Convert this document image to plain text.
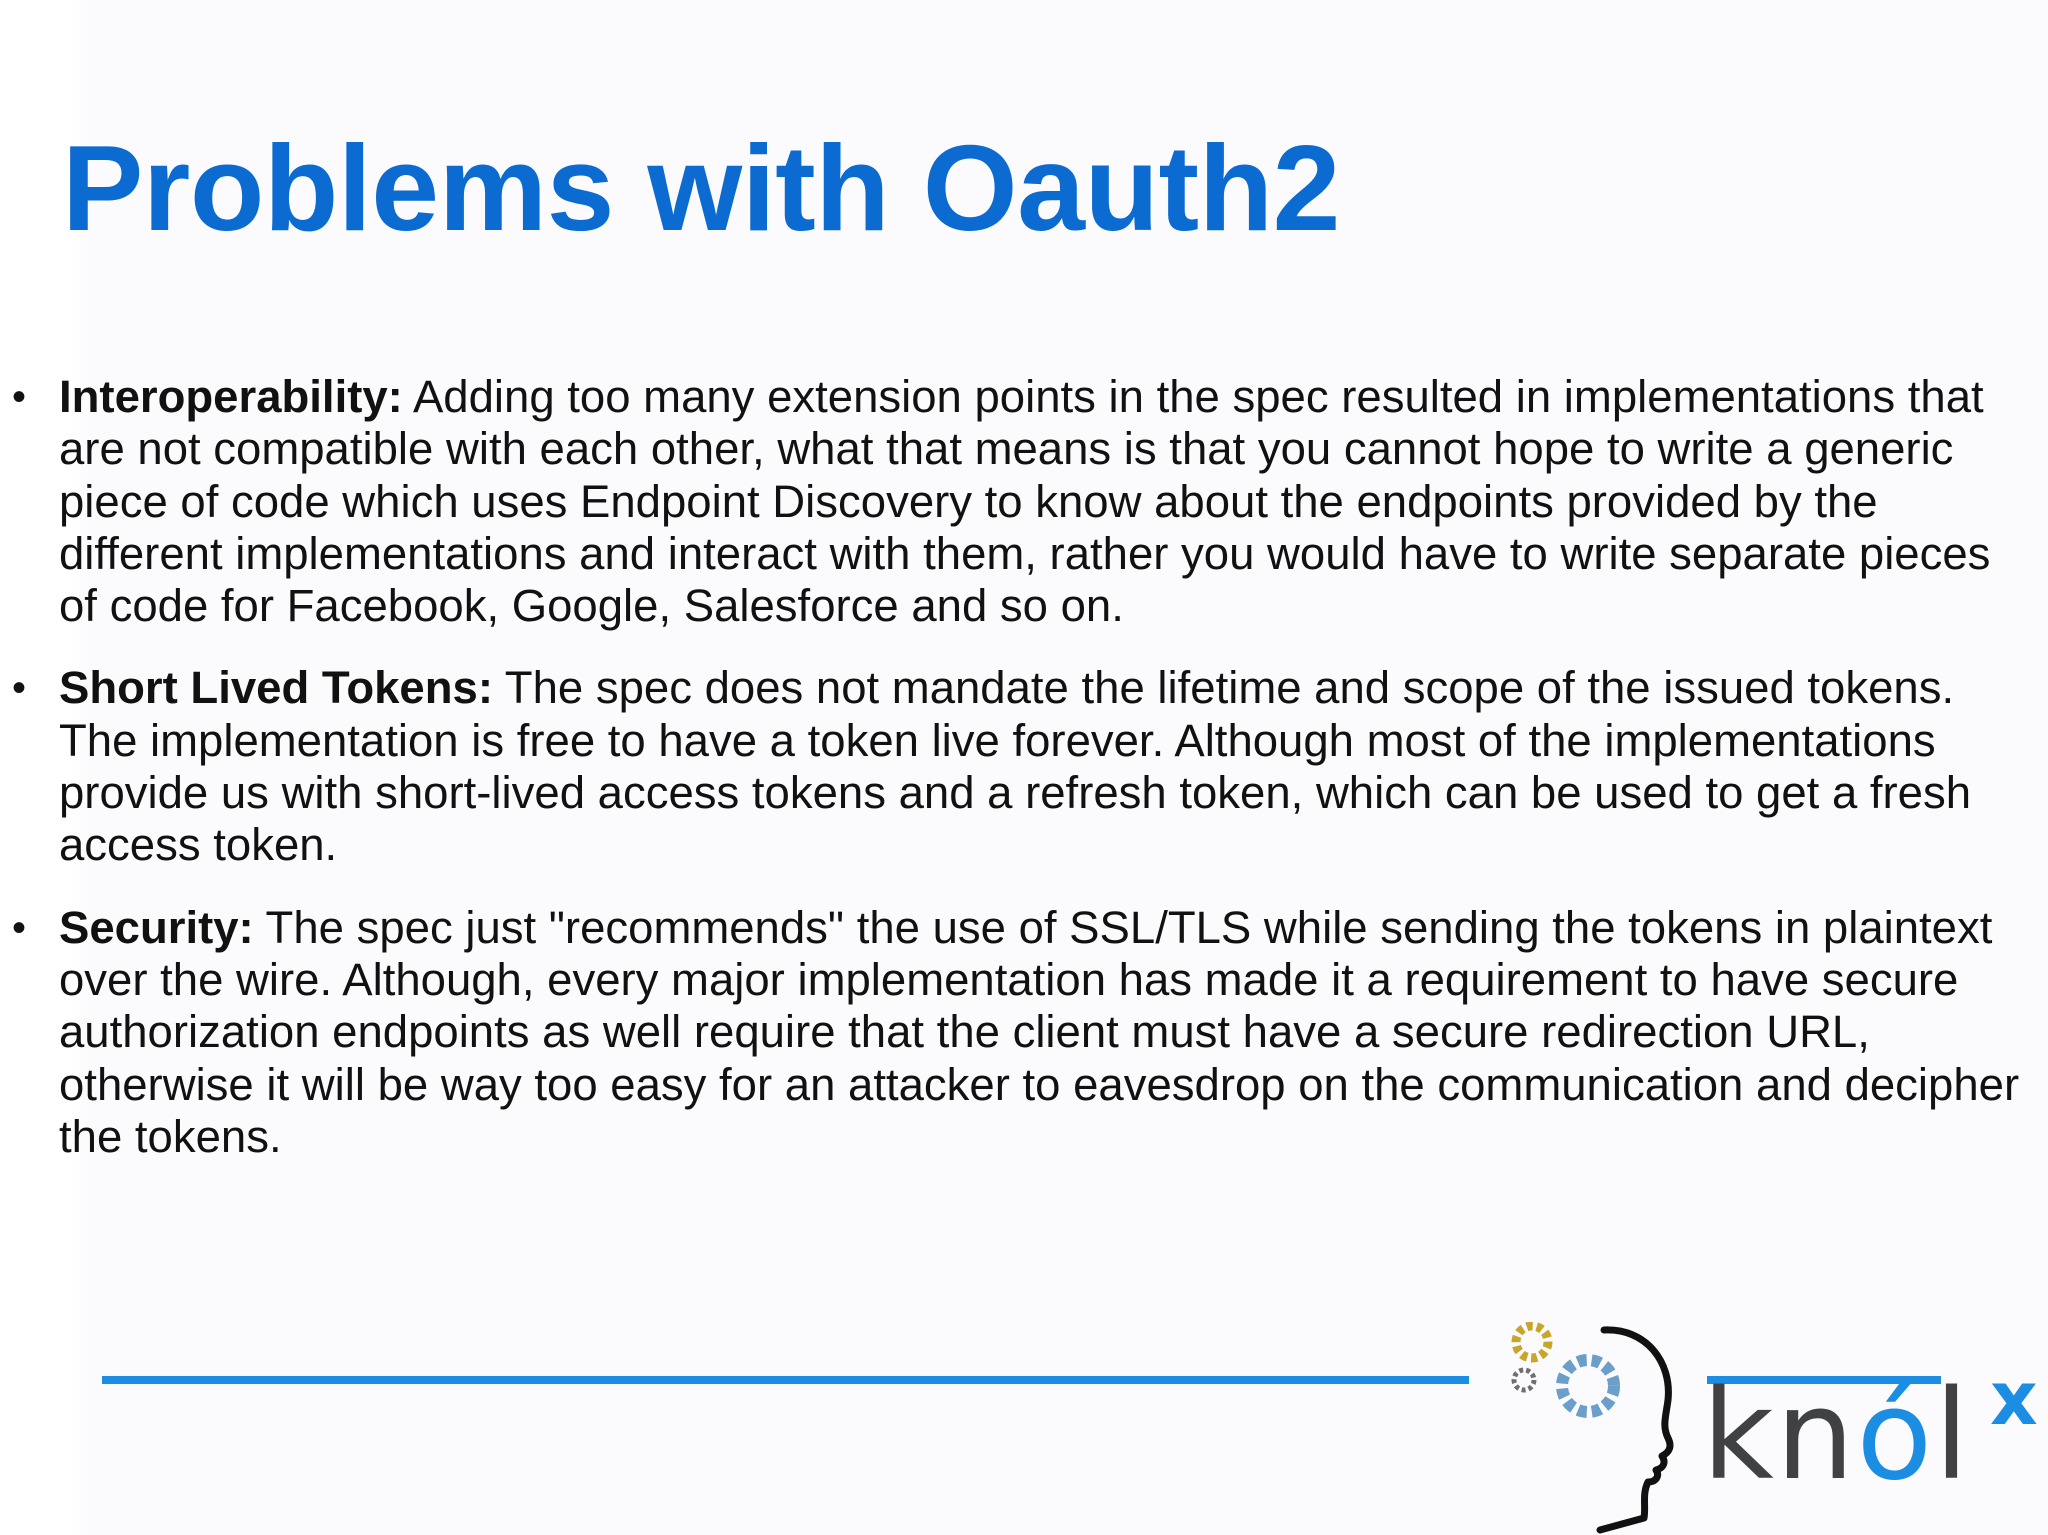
Problems with Oauth2
• Interoperability: Adding too many extension points in the spec resulted in implementations that are not compatible with each other, what that means is that you cannot hope to write a generic piece of code which uses Endpoint Discovery to know about the endpoints provided by the different implementations and interact with them, rather you would have to write separate pieces of code for Facebook, Google, Salesforce and so on.
• Short Lived Tokens: The spec does not mandate the lifetime and scope of the issued tokens. The implementation is free to have a token live forever. Although most of the implementations provide us with short-lived access tokens and a refresh token, which can be used to get a fresh access token.
• Security: The spec just "recommends" the use of SSL/TLS while sending the tokens in plaintext over the wire. Although, every major implementation has made it a requirement to have secure authorization endpoints as well require that the client must have a secure redirection URL, otherwise it will be way too easy for an attacker to eavesdrop on the communication and decipher the tokens.
knól x
